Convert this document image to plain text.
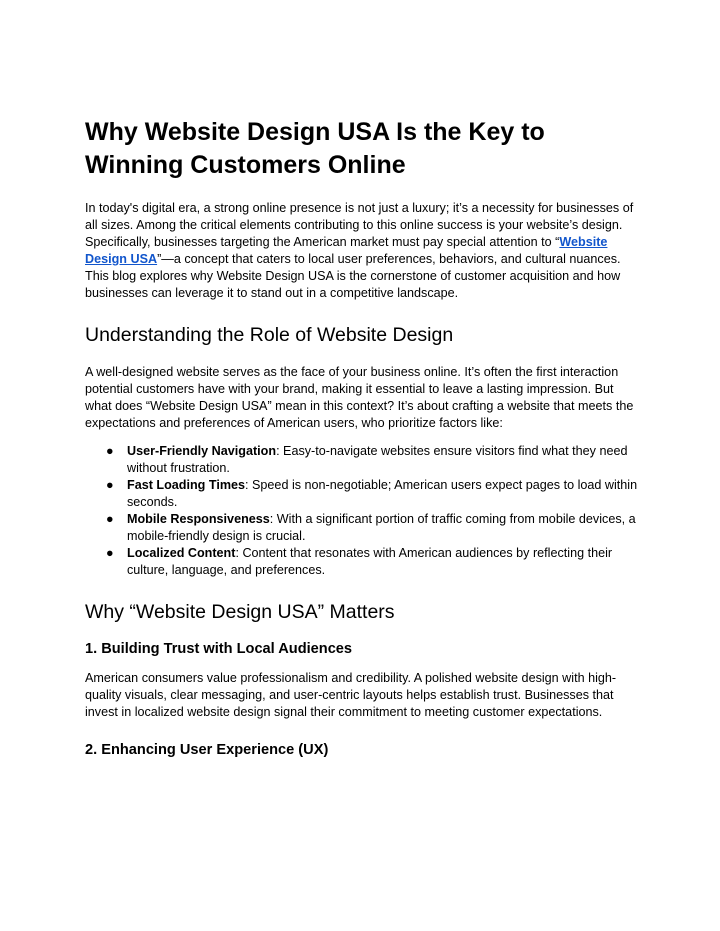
Why Website Design USA Is the Key to Winning Customers Online

In today's digital era, a strong online presence is not just a luxury; it’s a necessity for businesses of all sizes. Among the critical elements contributing to this online success is your website’s design. Specifically, businesses targeting the American market must pay special attention to “Website Design USA”—a concept that caters to local user preferences, behaviors, and cultural nuances. This blog explores why Website Design USA is the cornerstone of customer acquisition and how businesses can leverage it to stand out in a competitive landscape.

Understanding the Role of Website Design

A well-designed website serves as the face of your business online. It’s often the first interaction potential customers have with your brand, making it essential to leave a lasting impression. But what does “Website Design USA” mean in this context? It’s about crafting a website that meets the expectations and preferences of American users, who prioritize factors like:

● User-Friendly Navigation: Easy-to-navigate websites ensure visitors find what they need without frustration.
● Fast Loading Times: Speed is non-negotiable; American users expect pages to load within seconds.
● Mobile Responsiveness: With a significant portion of traffic coming from mobile devices, a mobile-friendly design is crucial.
● Localized Content: Content that resonates with American audiences by reflecting their culture, language, and preferences.
Why “Website Design USA” Matters
1. Building Trust with Local Audiences

American consumers value professionalism and credibility. A polished website design with high-quality visuals, clear messaging, and user-centric layouts helps establish trust. Businesses that invest in localized website design signal their commitment to meeting customer expectations.

2. Enhancing User Experience (UX)
